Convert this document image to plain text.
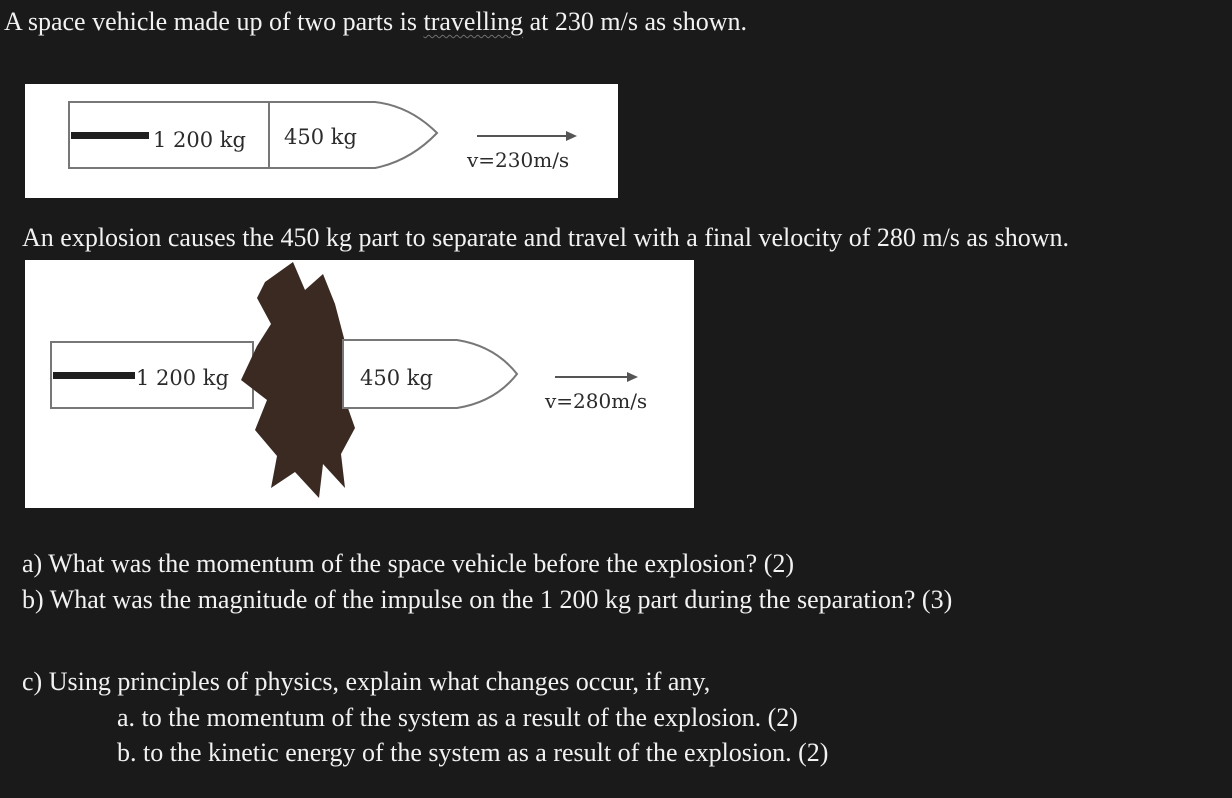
A space vehicle made up of two parts is travelling at 230 m/s as shown.

1 200 kg 450 kg
v=230m/s

An explosion causes the 450 kg part to separate and travel with a final velocity of 280 m/s as shown.

1 200 kg	450 kg
v=280m/s

a) What was the momentum of the space vehicle before the explosion? (2)

b) What was the magnitude of the impulse on the 1 200 kg part during the separation? (3)

c) Using principles of physics, explain what changes occur, if any,

a. to the momentum of the system as a result of the explosion. (2)

b. to the kinetic energy of the system as a result of the explosion. (2)
